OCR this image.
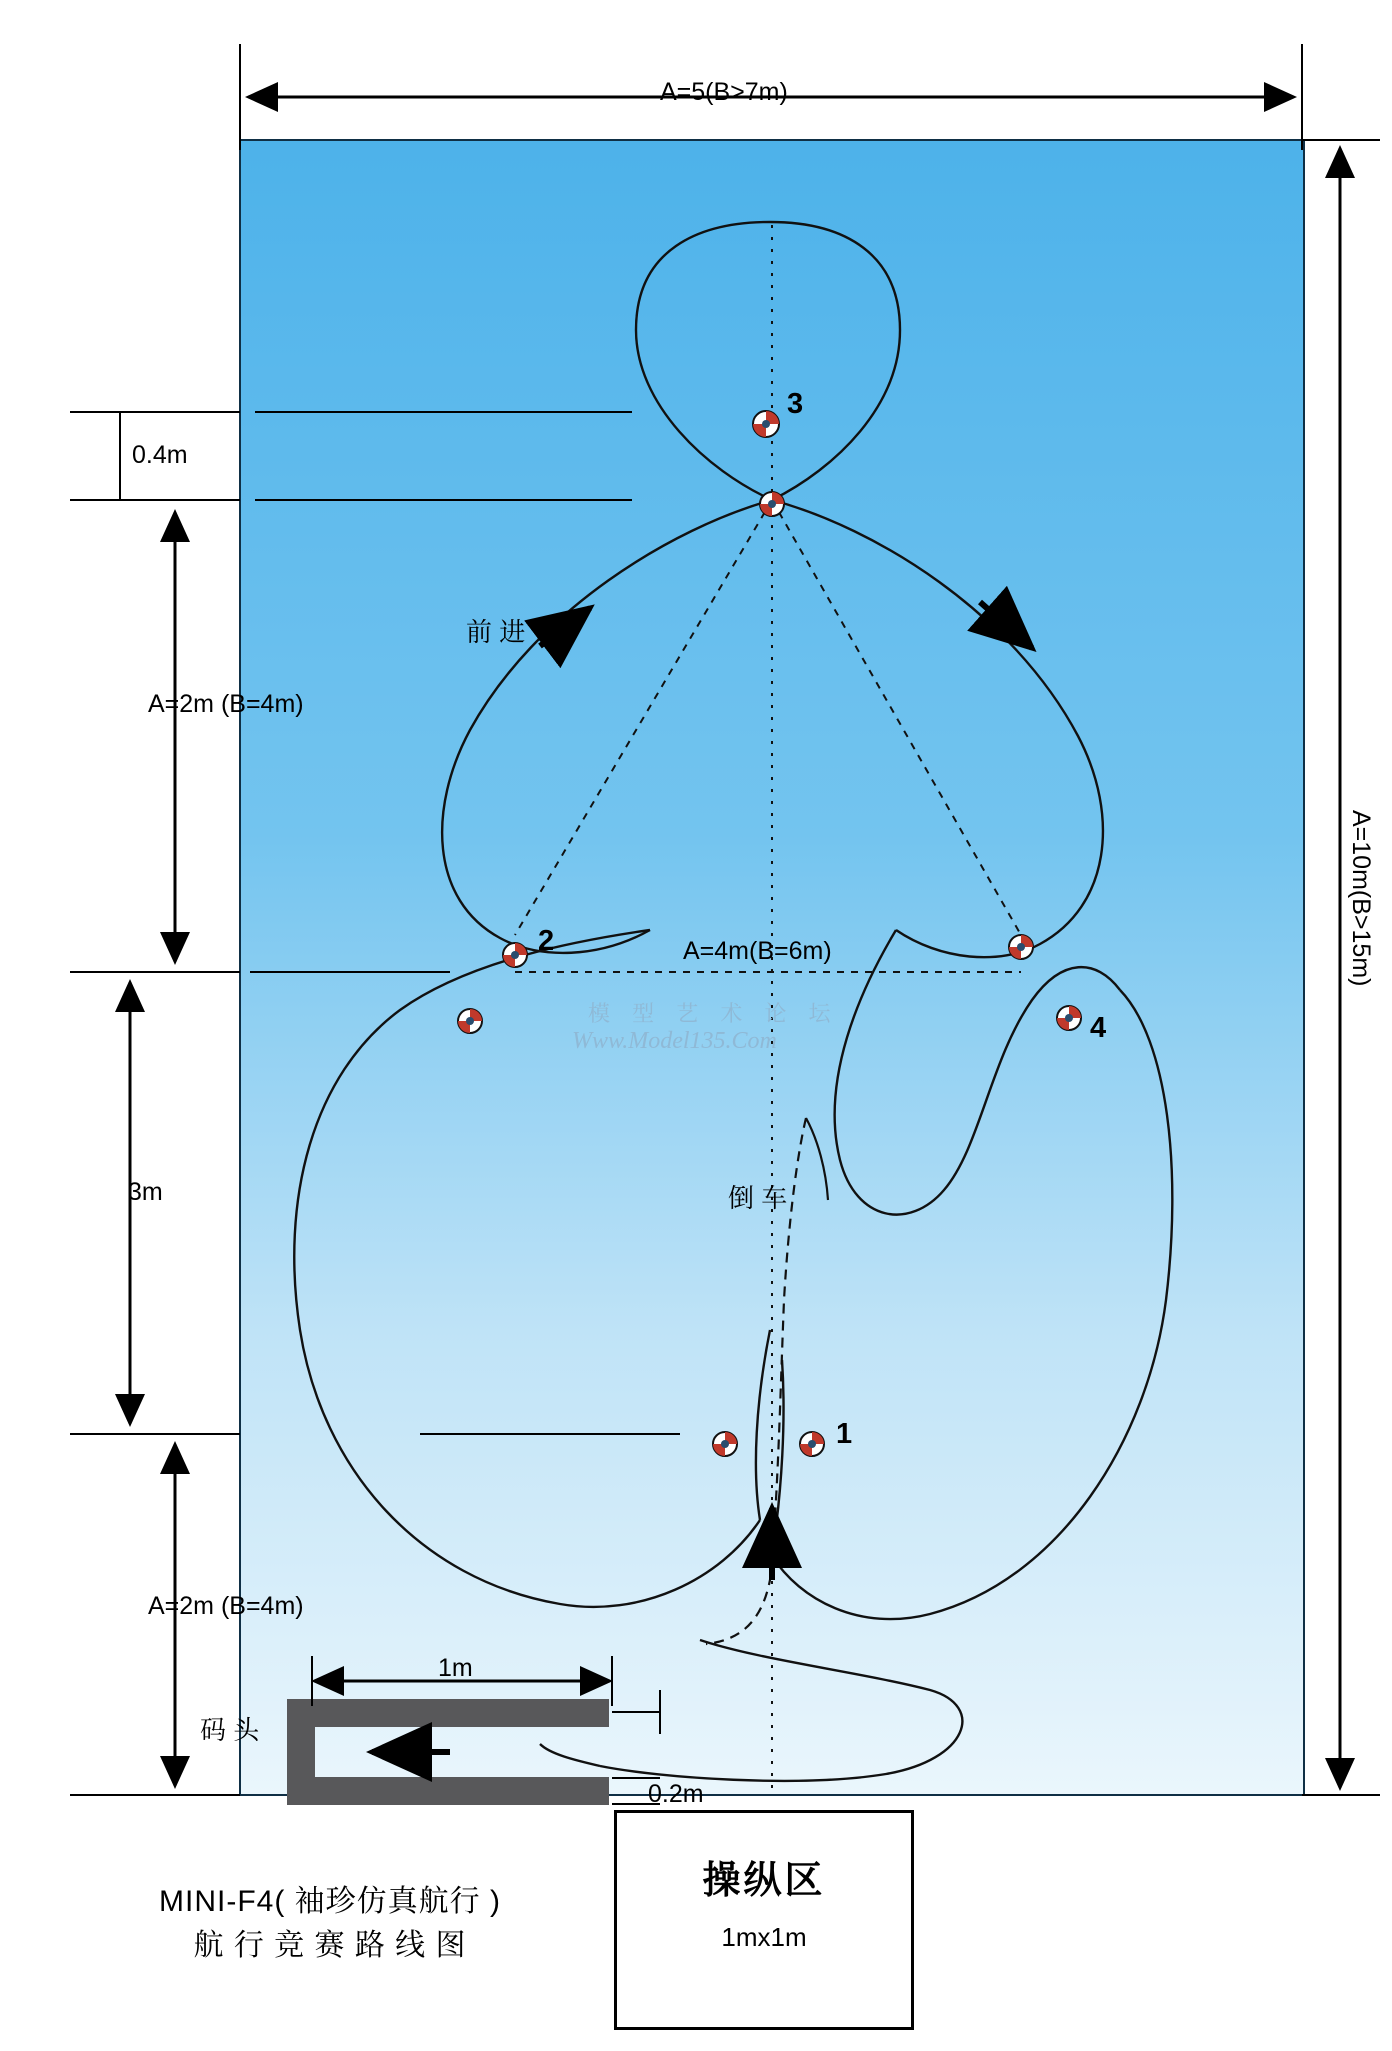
A=5(B>7m)
A=10m(B>15m)
0.4m
A=2m (B=4m)
3m
A=2m (B=4m)
A=4m(B=6m)
1m
0.2m
前 进
倒 车
码 头
3
2
4
1
模 型 艺 术 论 坛
Www.Model135.Com
操纵区
1mx1m
MINI-F4( 袖珍仿真航行 )
航 行 竞 赛 路 线 图
